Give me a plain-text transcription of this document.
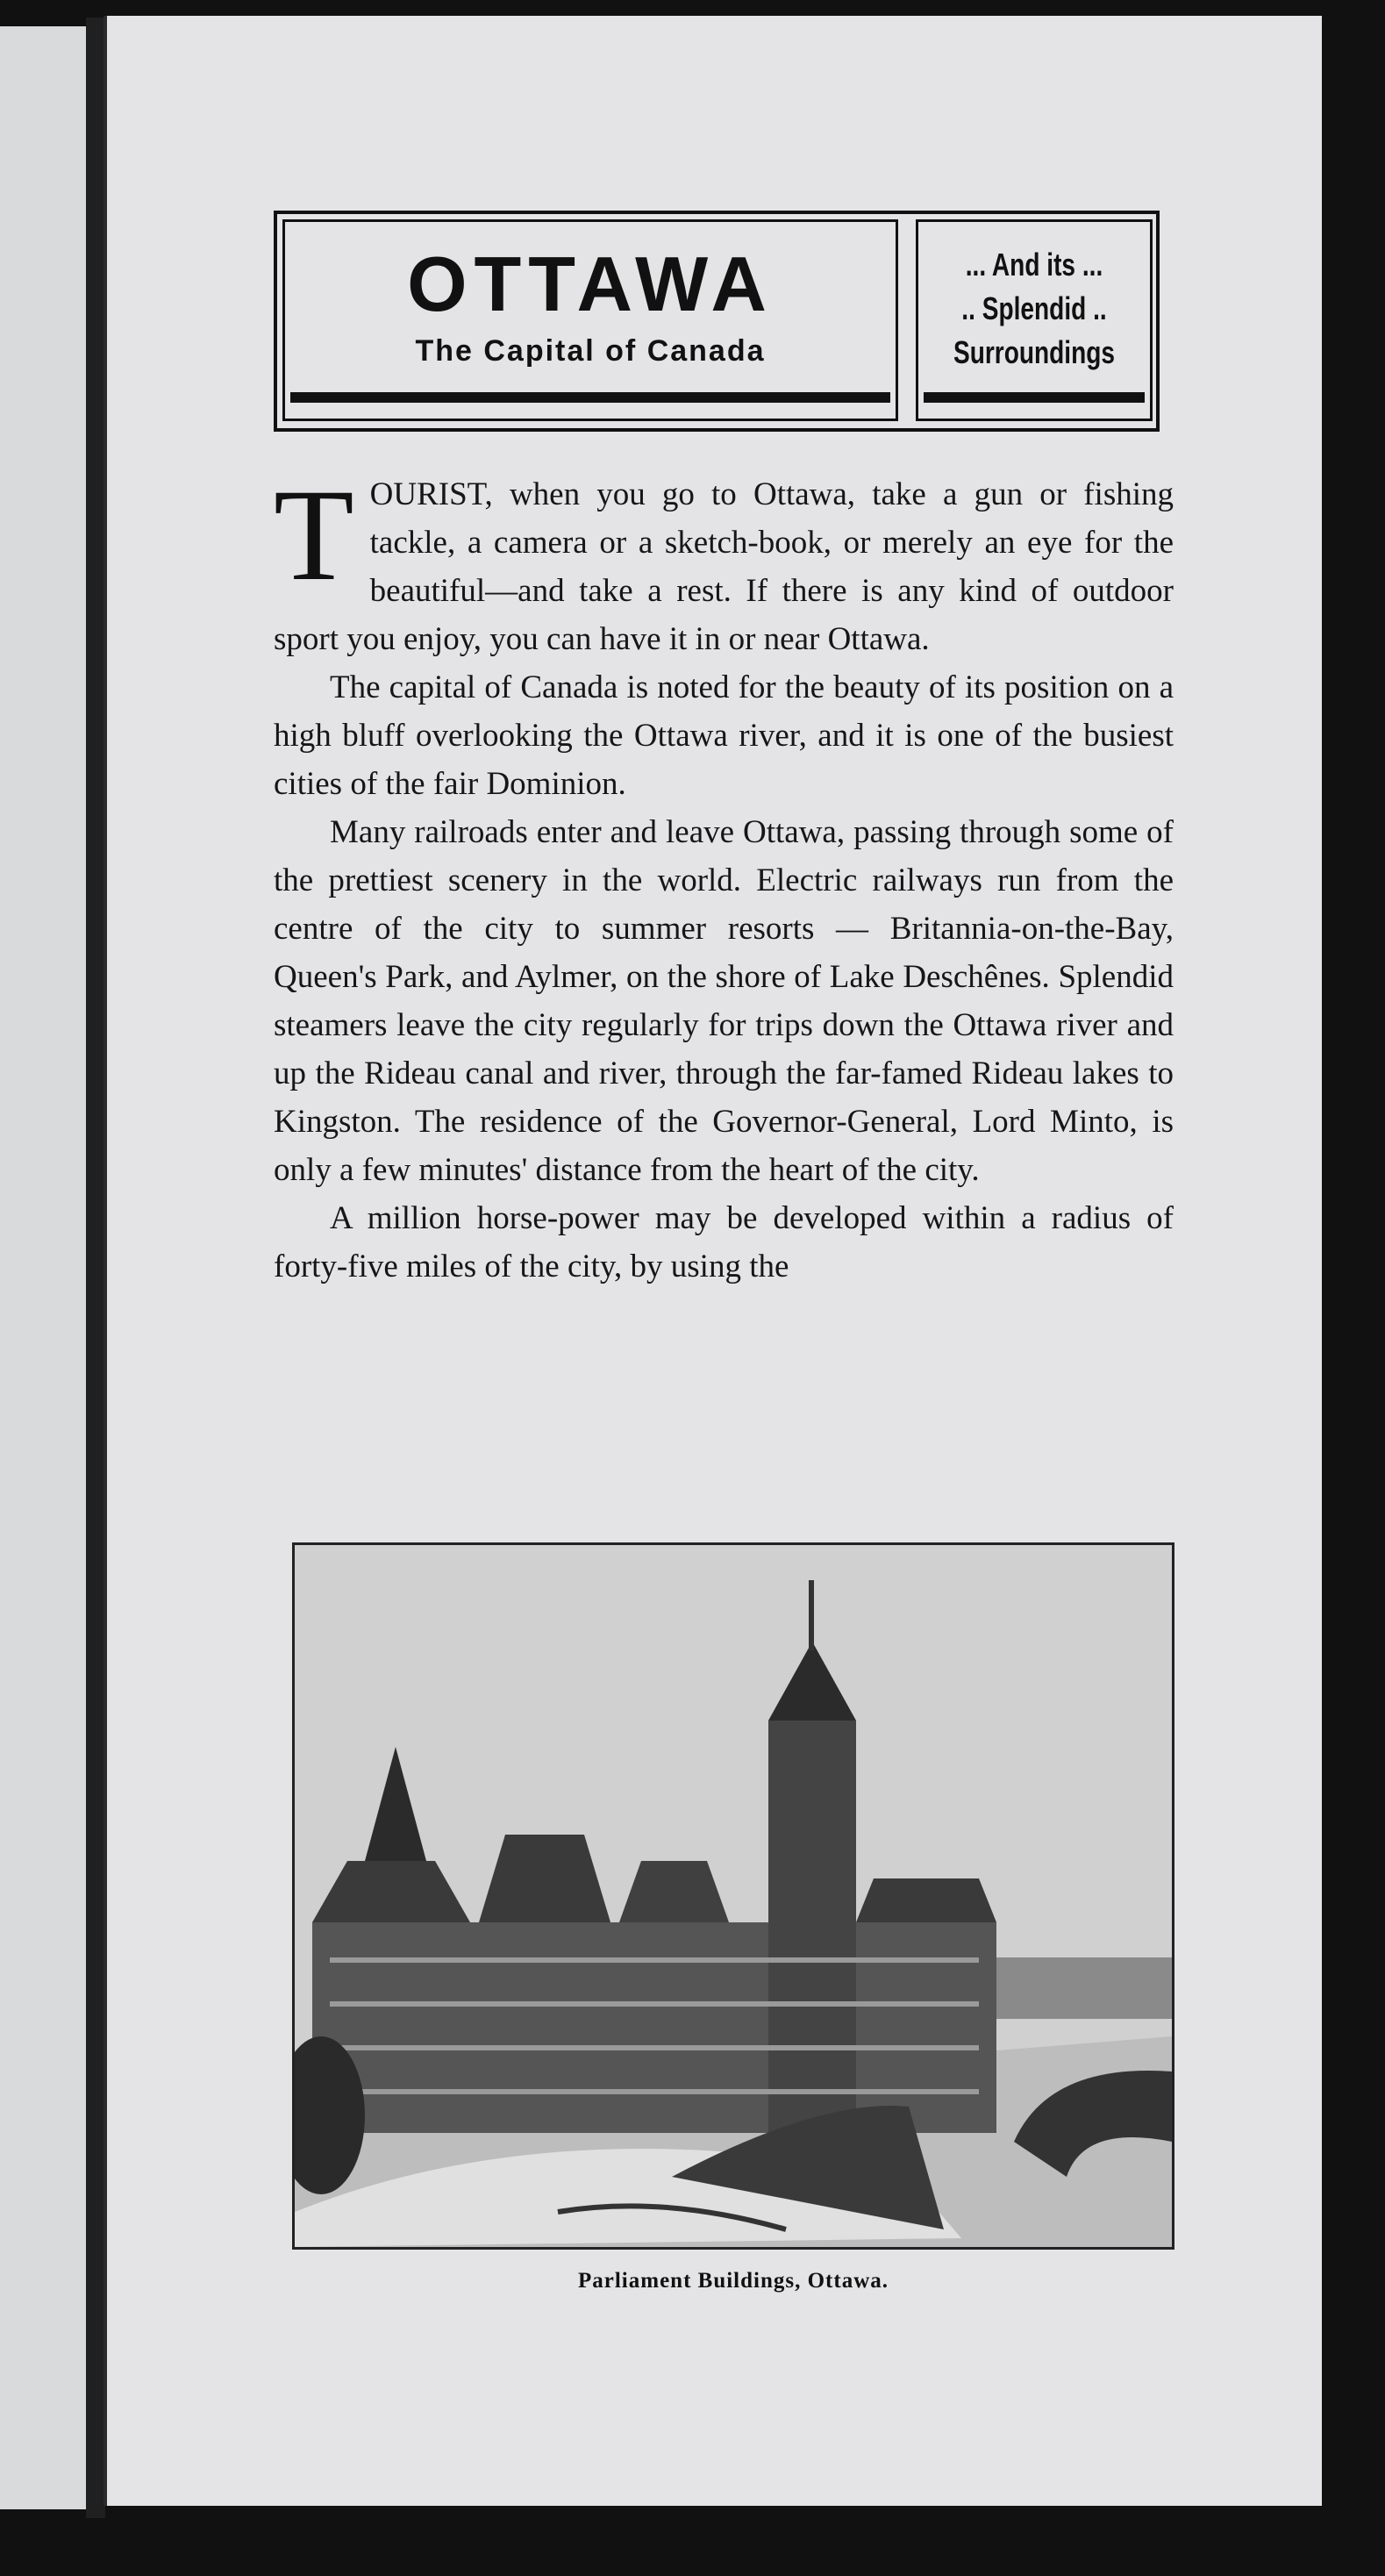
OTTAWA
The Capital of Canada
... And its ...
.. Splendid ..
Surroundings

TOURIST, when you go to Ottawa, take a gun or fishing tackle, a camera or a sketch-book, or merely an eye for the beautiful—and take a rest. If there is any kind of outdoor sport you enjoy, you can have it in or near Ottawa.

The capital of Canada is noted for the beauty of its position on a high bluff overlooking the Ottawa river, and it is one of the busiest cities of the fair Dominion.

Many railroads enter and leave Ottawa, passing through some of the prettiest scenery in the world. Electric railways run from the centre of the city to summer resorts — Britannia-on-the-Bay, Queen's Park, and Aylmer, on the shore of Lake Deschênes. Splendid steamers leave the city regularly for trips down the Ottawa river and up the Rideau canal and river, through the far-famed Rideau lakes to Kingston. The residence of the Governor-General, Lord Minto, is only a few minutes' distance from the heart of the city.

A million horse-power may be developed within a radius of forty-five miles of the city, by using the

Parliament Buildings, Ottawa.
